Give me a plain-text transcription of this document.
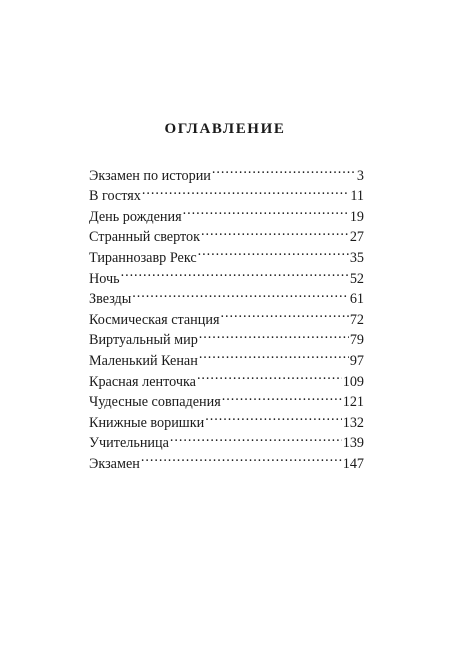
ОГЛАВЛЕНИЕ
Экзамен по истории . . .	3
В гостях . . .	11
День рождения . . .	19
Странный сверток . . .	27
Тираннозавр Рекс . . .	35
Ночь . . .	52
Звезды . . .	61
Космическая станция . . .	72
Виртуальный мир . . .	79
Маленький Кенан . . .	97
Красная ленточка . . .	109
Чудесные совпадения . . .	121
Книжные воришки . . .	132
Учительница . . .	139
Экзамен . . .	147
